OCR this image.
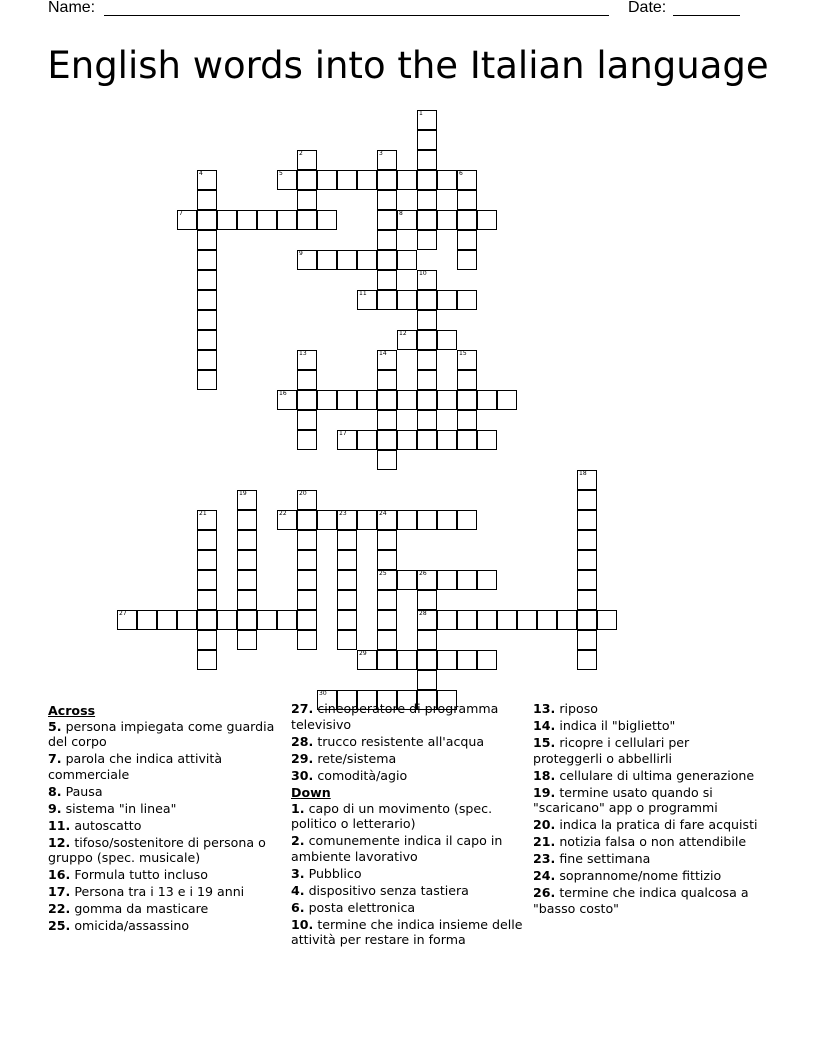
Name:	Date:
English words into the Italian language
1
2	3
4	5	6
7	8
9
10
11
12
13	14	15
16
17
18
19	20
21	22	23	24
25	26
28
27
29
30
Across
5. persona impiegata come guardia del corpo
7. parola che indica attività commerciale
8. Pausa
9. sistema "in linea"
11. autoscatto
12. tifoso/sostenitore di persona o gruppo (spec. musicale)
16. Formula tutto incluso
17. Persona tra i 13 e i 19 anni
22. gomma da masticare
25. omicida/assassino
27. cineoperatore di programma televisivo
28. trucco resistente all'acqua
29. rete/sistema
30. comodità/agio
Down
1. capo di un movimento (spec. politico o letterario)
2. comunemente indica il capo in ambiente lavorativo
3. Pubblico
4. dispositivo senza tastiera
6. posta elettronica
10. termine che indica insieme delle attività per restare in forma
13. riposo
14. indica il "biglietto"
15. ricopre i cellulari per proteggerli o abbellirli
18. cellulare di ultima generazione
19. termine usato quando si "scaricano" app o programmi
20. indica la pratica di fare acquisti
21. notizia falsa o non attendibile
23. fine settimana
24. soprannome/nome fittizio
26. termine che indica qualcosa a "basso costo"
